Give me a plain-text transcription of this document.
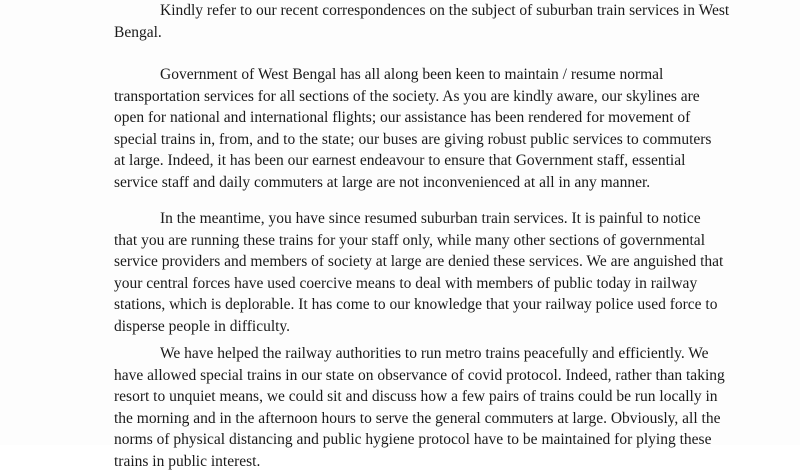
Kindly refer to our recent correspondences on the subject of suburban train services in West
Bengal.

Government of West Bengal has all along been keen to maintain / resume normal
transportation services for all sections of the society. As you are kindly aware, our skylines are
open for national and international flights; our assistance has been rendered for movement of
special trains in, from, and to the state; our buses are giving robust public services to commuters
at large. Indeed, it has been our earnest endeavour to ensure that Government staff, essential
service staff and daily commuters at large are not inconvenienced at all in any manner.

In the meantime, you have since resumed suburban train services. It is painful to notice
that you are running these trains for your staff only, while many other sections of governmental
service providers and members of society at large are denied these services. We are anguished that
your central forces have used coercive means to deal with members of public today in railway
stations, which is deplorable. It has come to our knowledge that your railway police used force to
disperse people in difficulty.

We have helped the railway authorities to run metro trains peacefully and efficiently. We
have allowed special trains in our state on observance of covid protocol. Indeed, rather than taking
resort to unquiet means, we could sit and discuss how a few pairs of trains could be run locally in
the morning and in the afternoon hours to serve the general commuters at large. Obviously, all the
norms of physical distancing and public hygiene protocol have to be maintained for plying these
trains in public interest.
